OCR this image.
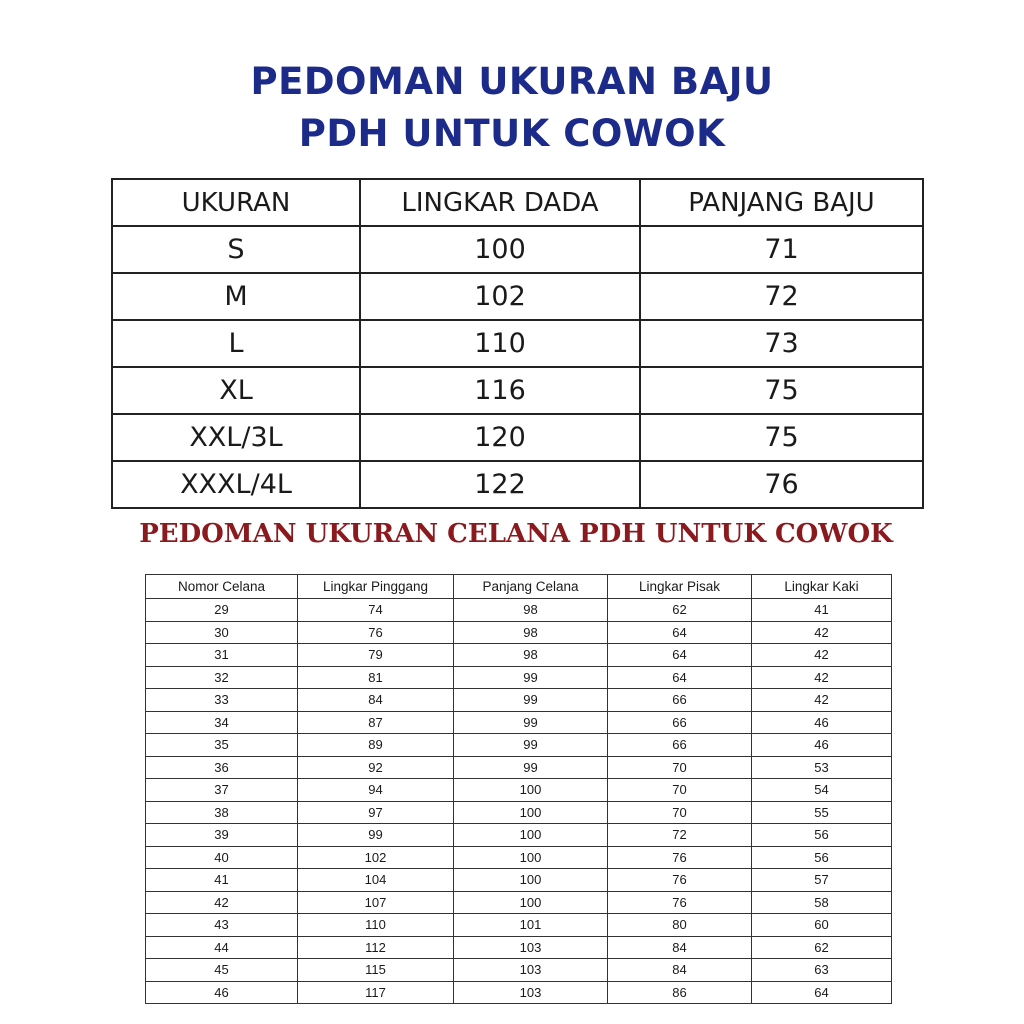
PEDOMAN UKURAN BAJU
PDH UNTUK COWOK
UKURAN	LINGKAR DADA	PANJANG BAJU
S	100	71
M	102	72
L	110	73
XL	116	75
XXL/3L	120	75
XXXL/4L	122	76
PEDOMAN UKURAN CELANA PDH UNTUK COWOK
Nomor Celana	Lingkar Pinggang	Panjang Celana	Lingkar Pisak	Lingkar Kaki
29	74	98	62	41
30	76	98	64	42
31	79	98	64	42
32	81	99	64	42
33	84	99	66	42
34	87	99	66	46
35	89	99	66	46
36	92	99	70	53
37	94	100	70	54
38	97	100	70	55
39	99	100	72	56
40	102	100	76	56
41	104	100	76	57
42	107	100	76	58
43	110	101	80	60
44	112	103	84	62
45	115	103	84	63
46	117	103	86	64
